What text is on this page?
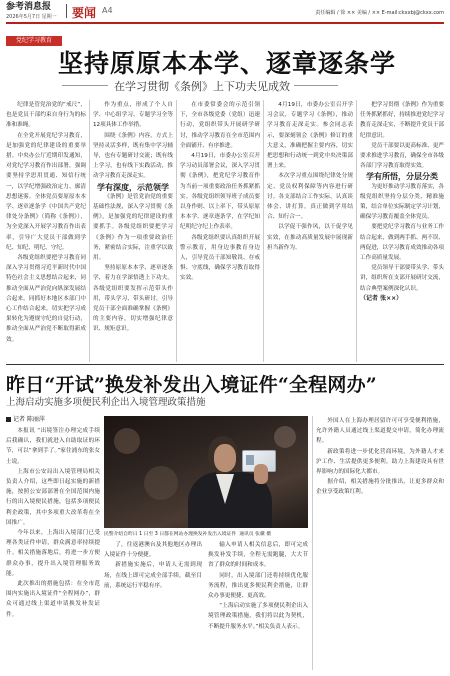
参考消息报
2026年5月7日 星期一 要闻 A4	责任编辑 / 徐 ×× 美编 / ×× E-mail:ckxxbj@ckxx.com
党纪学习教育
坚持原原本本学、逐章逐条学
在学习贯彻《条例》上下功夫见成效

纪律是管党治党的“戒尺”，也是党员干部约束自身行为的标准和准绳。

在全党开展党纪学习教育，是加强党的纪律建设的重要举措。中央办公厅近期印发通知，对党纪学习教育作出部署，强调要坚持学思用贯通、知信行统一，以学纪增强政治定力、廓清思想迷雾。全体党员要原原本本学、逐章逐条学《中国共产党纪律处分条例》（简称《条例》），为全党深入开展学习教育作出表率，引导广大党员干部做到学纪、知纪、明纪、守纪。

各级党组织要把学习教育同深入学习贯彻习近平新时代中国特色社会主义思想结合起来，同推动全面从严治党向纵深发展结合起来，同抓好本地区本部门中心工作结合起来，切实把学习成果转化为遵规守纪的自觉行动，推动全面从严治党不断取得新成效。

作为重点，形成了个人自学、中心组学习、专题学习全等12项具体工作举措。

围绕《条例》内容，方式上坚持灵活多样，既有集中学习辅导，也有专题研讨交流；既有线上学习，也有线下实践活动，推动学习教育走深走实。

学有深度，示范领学

《条例》是管党治党的重要基础性法规，深入学习贯彻《条例》，是加强党的纪律建设的重要抓手。各级党组织要把学习《条例》作为一项重要政治任务，紧密结合实际，注重学以致用。

坚持原原本本学、逐章逐条学，着力在学深悟透上下功夫。各级党组织要发挥示范带头作用，带头学习、带头研讨，引导党员干部全面准确掌握《条例》的主要内容，切实增强纪律意识、规矩意识。

在市委常委会的示范引领下，全市各级党委（党组）迅速行动，党组织带头开展研学研讨，推动学习教育在全市范围内全面铺开、有序推进。

4月19日，市委办公室召开学习动员部署会议，深入学习贯彻《条例》，把党纪学习教育作为当前一项重要政治任务抓紧抓实。各级党组织领导班子成员要以身作则、以上率下，带头原原本本学、逐章逐条学，在学纪知纪明纪守纪上作表率。

各级党组织要认真组织开展警示教育，用身边事教育身边人，引导党员干部知敬畏、存戒惧、守底线，确保学习教育取得实效。

4月19日，市委办公室召开学习会议，专题学习《条例》，推动学习教育走深走实。参会同志表示，要深刻领会《条例》修订的重大意义，准确把握主要内容，切实把思想和行动统一到党中央决策部署上来。

本次学习重点围绕纪律处分规定、党员权利保障等内容进行研讨。各支部结合工作实际，认真谈体会、讲打算，真正做到学用结合、知行合一。

以学促干强作风，以干促学见实效，在推动高质量发展中展现新担当新作为。

把学习贯彻《条例》作为重要任务抓紧抓好，持续推进党纪学习教育走深走实，不断提升党员干部纪律意识。

党员干部要以更高标准、更严要求推进学习教育，确保全市各级各部门学习教育取得实效。

学有所悟，分层分类

为更好推动学习教育落实，各级党组织坚持分层分类、精准施策，结合单位实际制定学习计划，确保学习教育覆盖全体党员。

要把党纪学习教育与业务工作结合起来，做到两手抓、两不误、两促进，以学习教育成效推动各项工作高质量发展。

党员领导干部要带头学、带头讲，组织所在支部开展研讨交流，结合典型案例深化认识。

（记者 张××）

昨日“开试”换发补发出入境证件“全程网办”
上海启动实施多项便民利企出入境管理政策措施
记者 陈丽萍

本报讯 “出境签注办理完成手续后我确认，我们就进入自助取证的环节，可以“拿到手了。”家住浦东的张女士说。

上海市公安局出入境管理局相关负责人介绍，这些即日起实施的新措施，按照公安部部署在全国范围内施行的出入境便民措施，包括多项便民利企政策，其中多项重大改革将在全国推广。

今年以来，上海出入境部门已受理各类证件申请，群众满意率持续提升。相关措施落地后，将进一步方便群众办事，提升出入境管理服务效能。

此次推出的措施包括：在全市范围内实施出入境证件“全程网办”，群众可通过线上渠道申请换发补发证件。

民警介绍自昨日 1 日至 3 日都在网站办理换发补发出入境证件 通讯员 张骥 摄

了，往返港澳台及其他地区办理出入境证件十分便捷。

新措施实施后，申请人无需到现场，在线上即可完成全部手续。截至目前，系统运行平稳有序。

输入申请人相关信息后，即可完成换发补发手续，全程无需跑腿，大大节省了群众的时间和成本。

同时，出入境部门还将持续优化服务流程，推出更多便民利企措施，让群众办事更便捷、更高效。

“上海启动实施了多项便民利企出入境管理政策措施，我们将以此为契机，不断提升服务水平。”相关负责人表示。

外国人在上海办理居留许可可享受便利措施，允许外籍人员通过线上渠道提交申请，简化办理流程。

新政策将进一步优化营商环境，为外籍人才来沪工作、生活提供更多便利，助力上海建设具有世界影响力的国际化大都市。

据介绍，相关措施将分批推出，让更多群众和企业享受政策红利。
